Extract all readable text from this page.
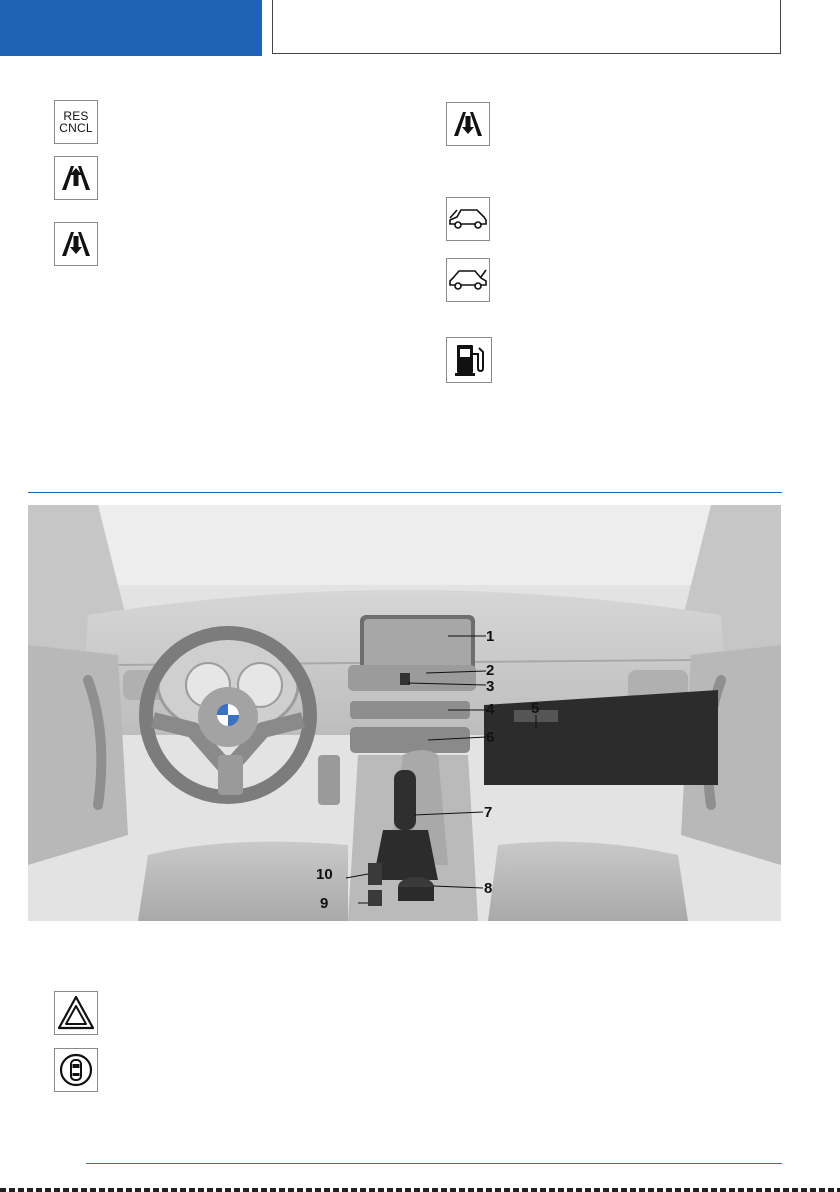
RES
CNCL
1
2
3
4 5
6
7
8
9
10
